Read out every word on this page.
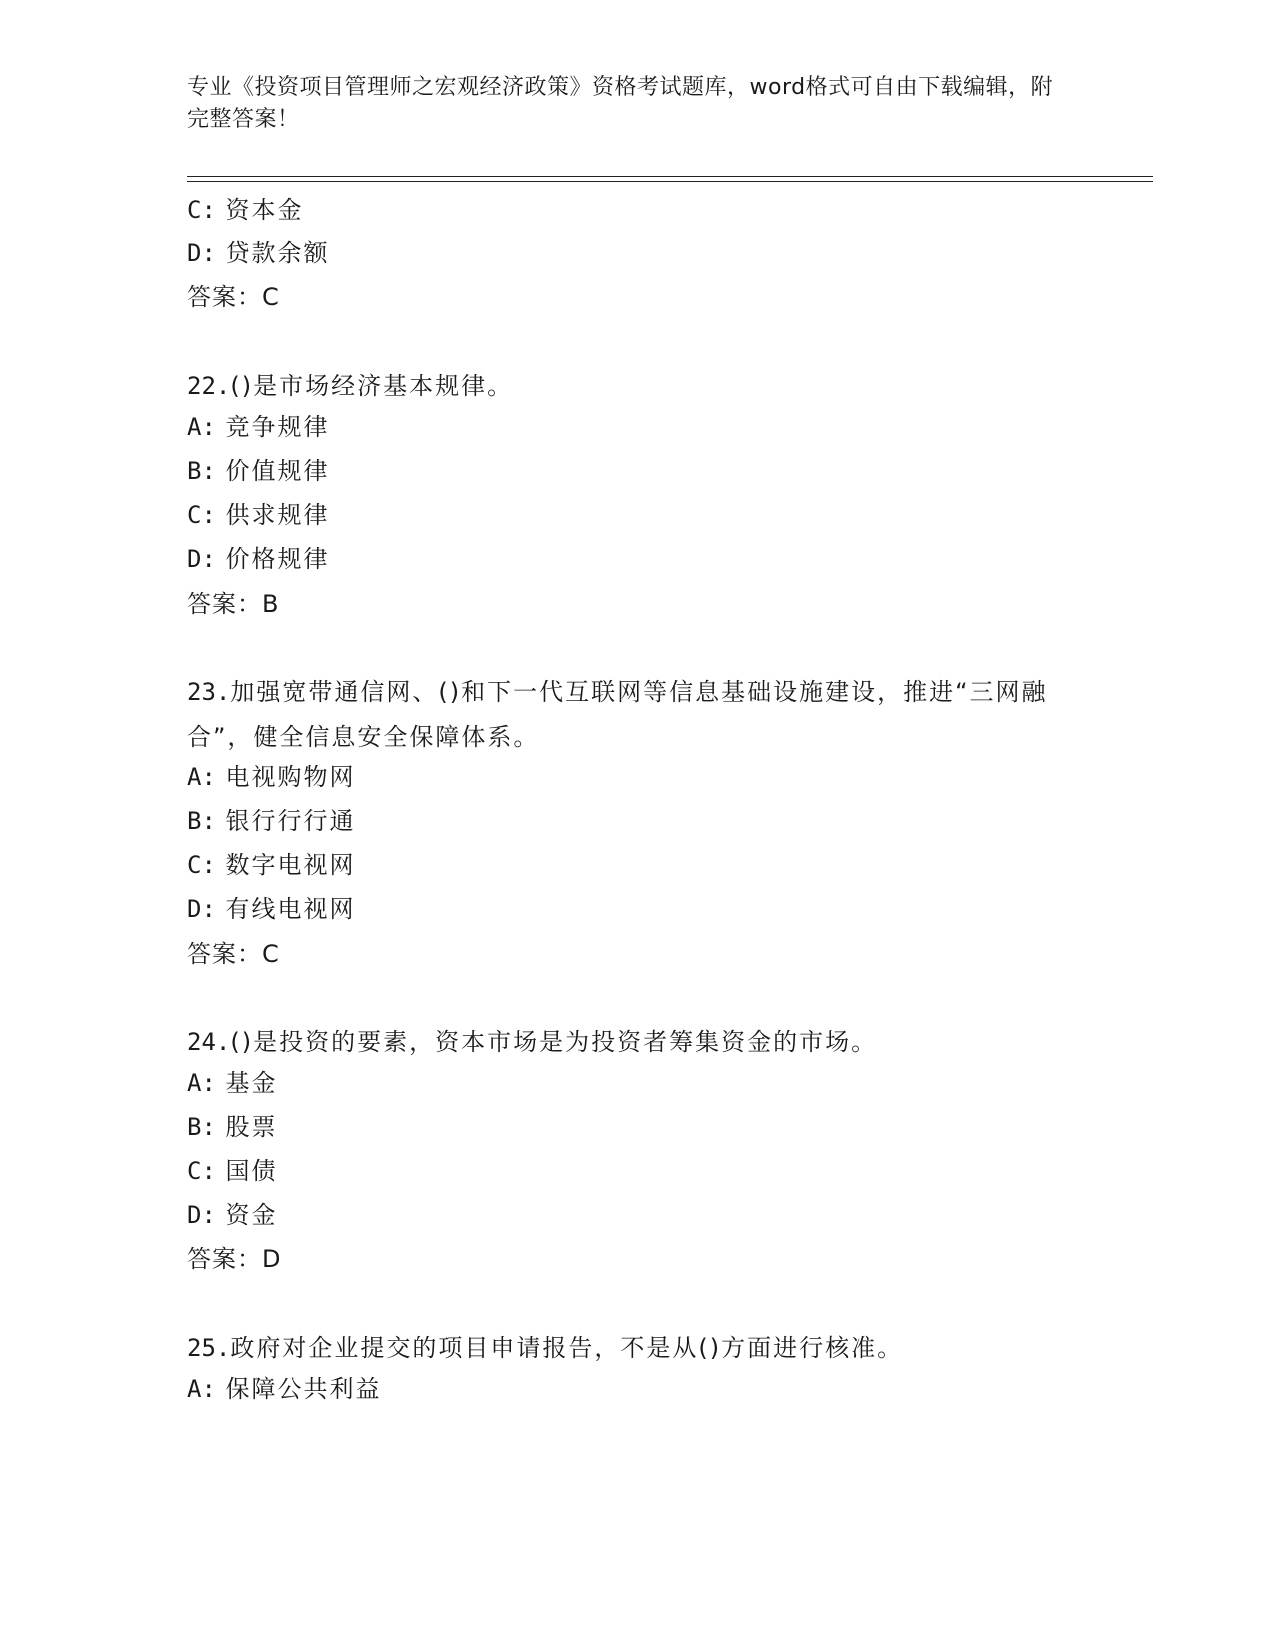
专业《投资项目管理师之宏观经济政策》资格考试题库，word格式可自由下载编辑，附完整答案！
C: 资本金
D: 贷款余额
答案：C
22.()是市场经济基本规律。
A: 竞争规律
B: 价值规律
C: 供求规律
D: 价格规律
答案：B
23.加强宽带通信网、()和下一代互联网等信息基础设施建设，推进“三网融合”，健全信息安全保障体系。
A: 电视购物网
B: 银行行行通
C: 数字电视网
D: 有线电视网
答案：C
24.()是投资的要素，资本市场是为投资者筹集资金的市场。
A: 基金
B: 股票
C: 国债
D: 资金
答案：D
25.政府对企业提交的项目申请报告，不是从()方面进行核准。
A: 保障公共利益
